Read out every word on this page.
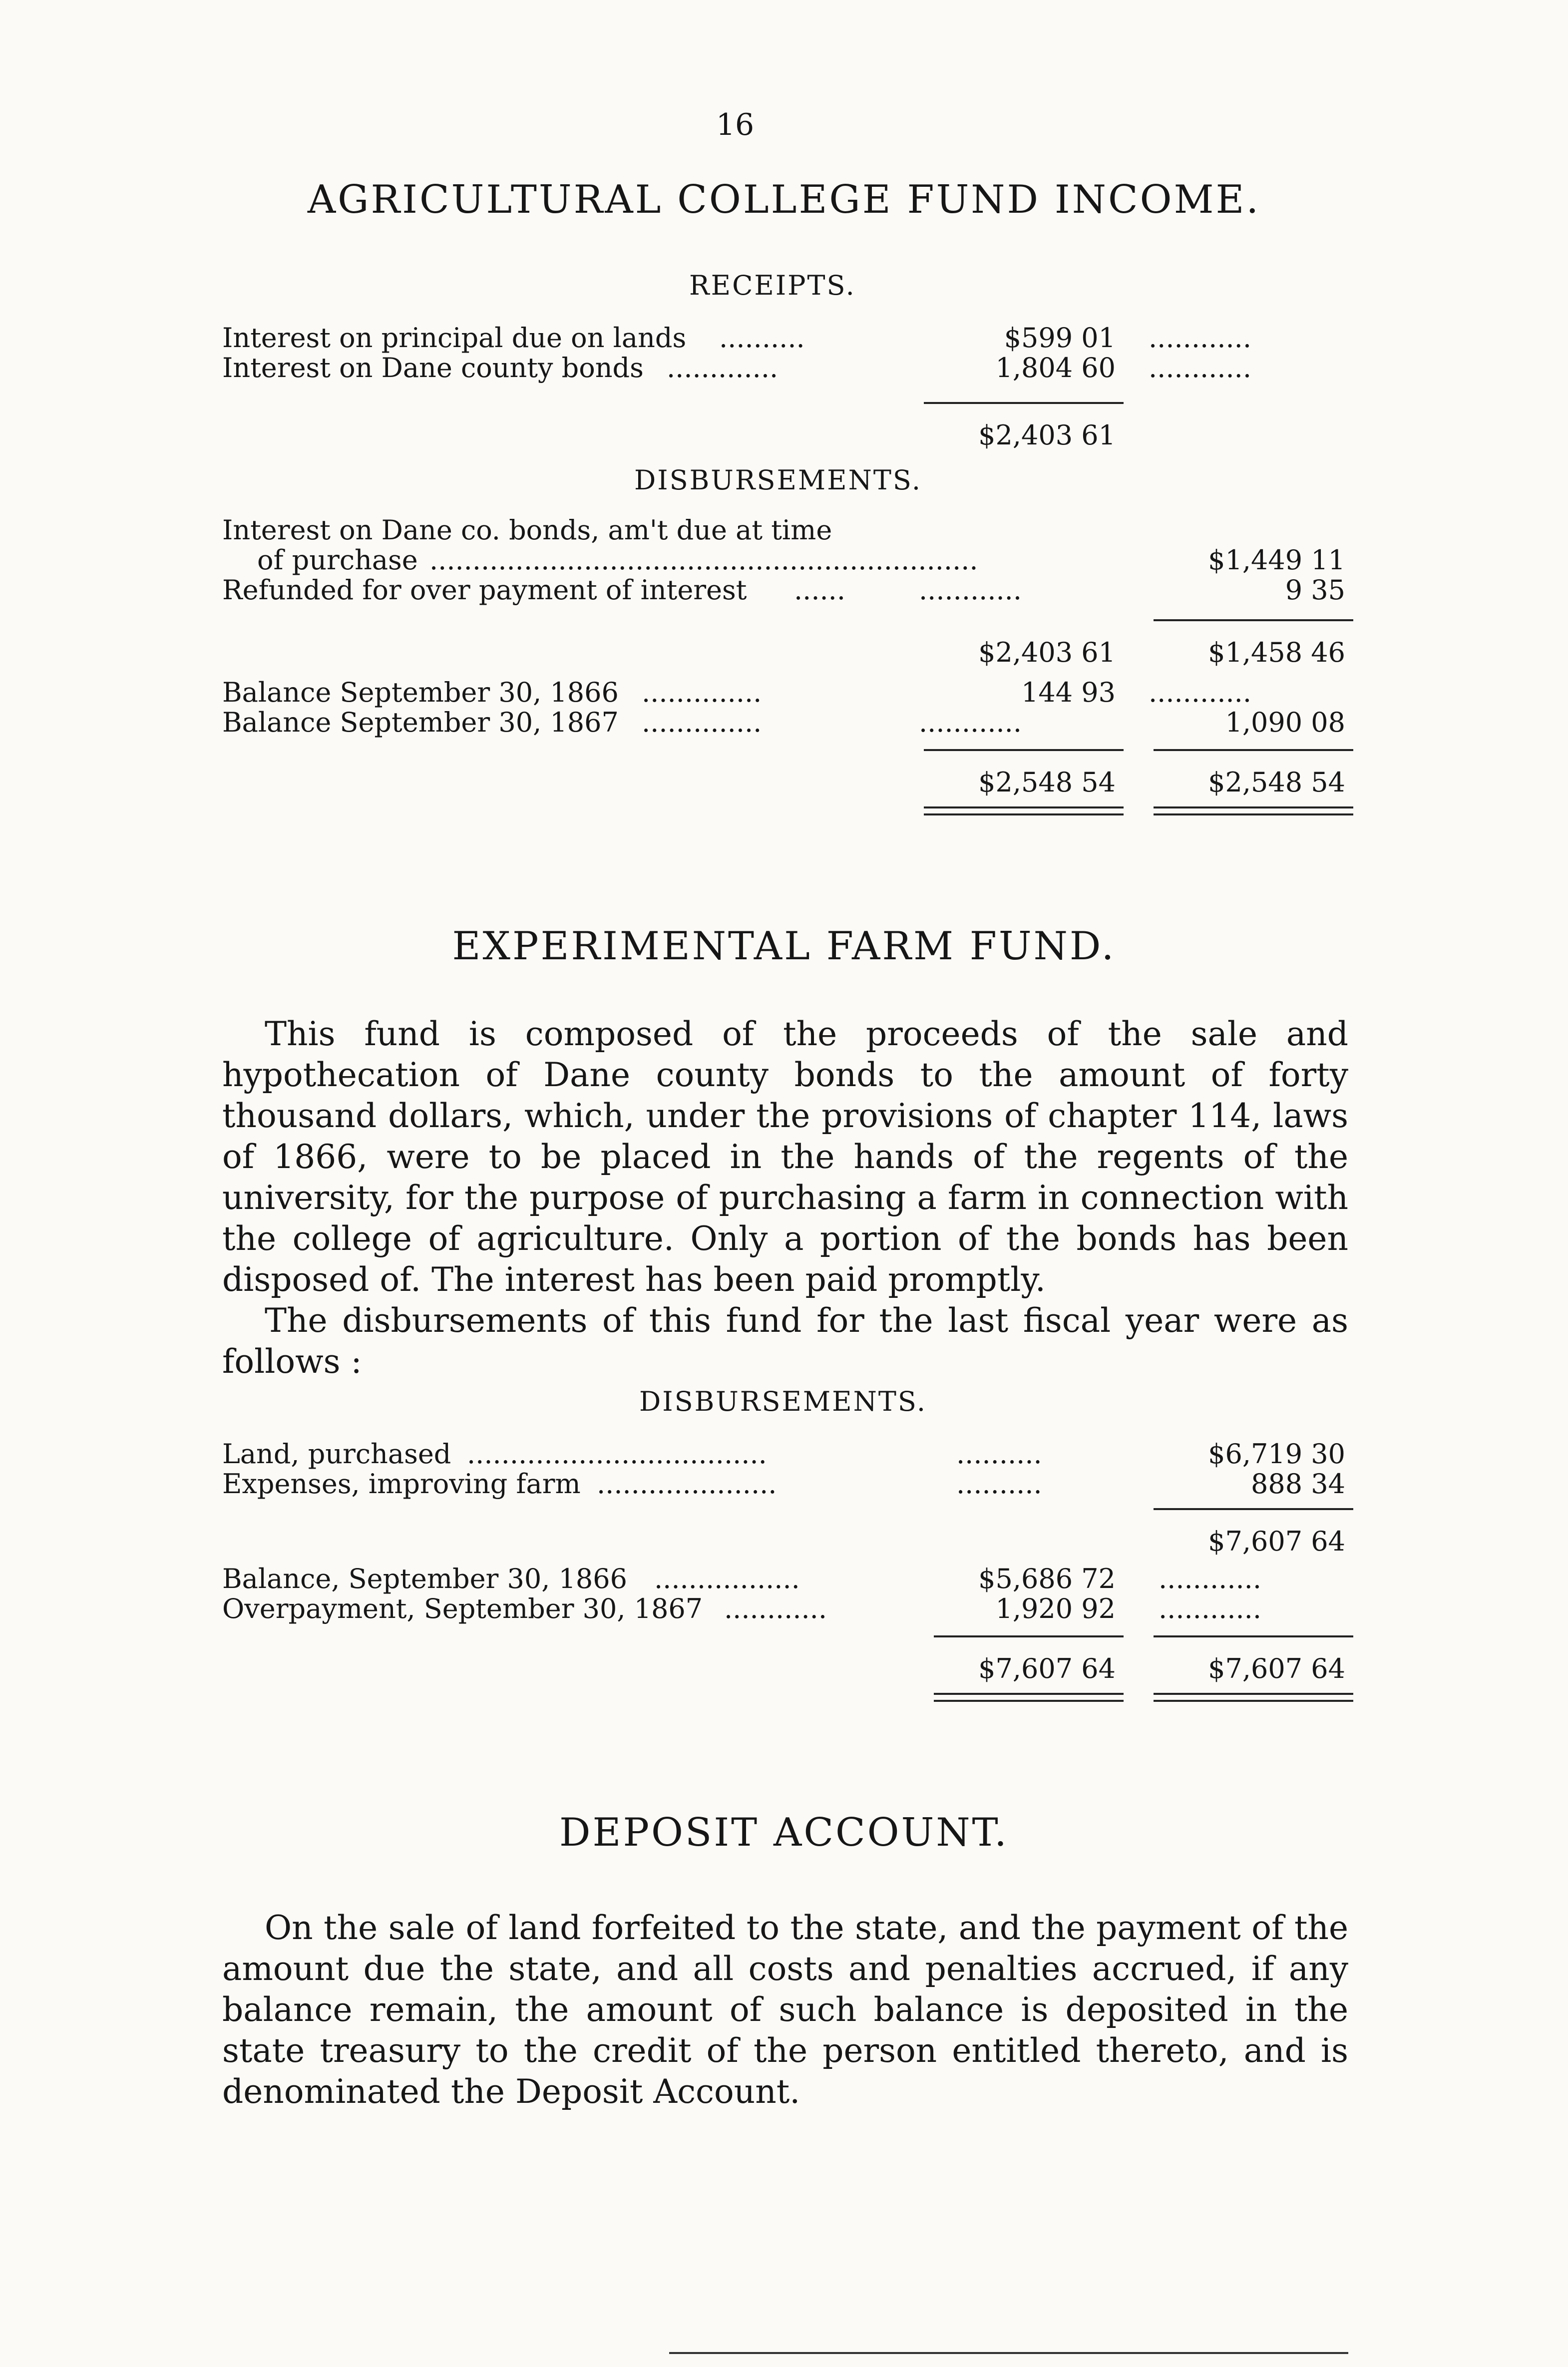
16
AGRICULTURAL COLLEGE FUND INCOME.
RECEIPTS.
Interest on principal due on lands ..........	$599 01 ............
Interest on Dane county bonds .............	1,804 60 ............
$2,403 61
DISBURSEMENTS.
Interest on Dane co. bonds, am't due at time
of purchase ................................................................	$1,449 11
Refunded for over payment of interest ......	............	9 35
$2,403 61	$1,458 46
Balance September 30, 1866 ..............	144 93 ............
Balance September 30, 1867 ..............	............	1,090 08
$2,548 54	$2,548 54
EXPERIMENTAL FARM FUND.
This fund is composed of the proceeds of the sale and hypothecation of Dane county bonds to the amount of forty thousand dollars, which, under the provisions of chapter 114, laws of 1866, were to be placed in the hands of the regents of the university, for the purpose of purchasing a farm in connection with the college of agriculture. Only a portion of the bonds has been disposed of. The interest has been paid promptly.
The disbursements of this fund for the last fiscal year were as follows :
DISBURSEMENTS.
Land, purchased ...................................	..........	$6,719 30
Expenses, improving farm .....................	..........	888 34
$7,607 64
Balance, September 30, 1866 .................	$5,686 72 ............
Overpayment, September 30, 1867 ............	1,920 92 ............
$7,607 64	$7,607 64
DEPOSIT ACCOUNT.
On the sale of land forfeited to the state, and the payment of the amount due the state, and all costs and penalties accrued, if any balance remain, the amount of such balance is deposited in the state treasury to the credit of the person entitled thereto, and is denominated the Deposit Account.
